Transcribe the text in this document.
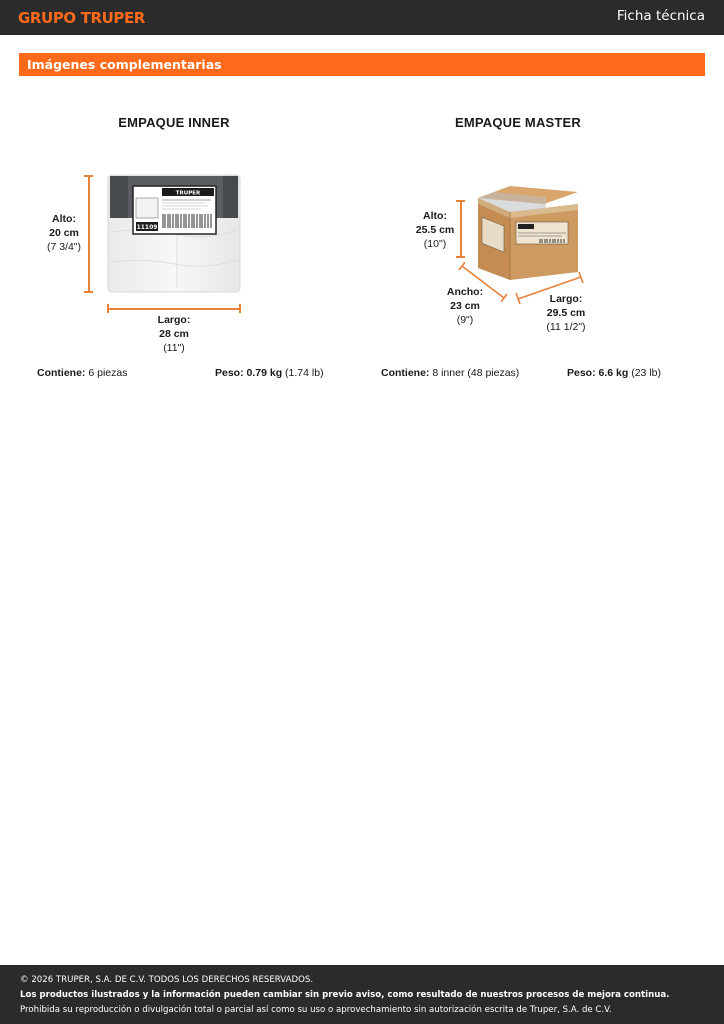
GRUPO TRUPER	Ficha técnica
Imágenes complementarias
EMPAQUE INNER
Alto:
20 cm
(7 3/4")
TRUPER
11109
Largo:
28 cm
(11")
Contiene: 6 piezas	Peso: 0.79 kg (1.74 lb)
EMPAQUE MASTER
Alto:
25.5 cm
(10")
Ancho:
23 cm
(9")
Largo:
29.5 cm
(11 1/2")
Contiene: 8 inner (48 piezas)	Peso: 6.6 kg (23 lb)
© 2026 TRUPER, S.A. DE C.V. TODOS LOS DERECHOS RESERVADOS.
Los productos ilustrados y la información pueden cambiar sin previo aviso, como resultado de nuestros procesos de mejora continua.
Prohibida su reproducción o divulgación total o parcial así como su uso o aprovechamiento sin autorización escrita de Truper, S.A. de C.V.
